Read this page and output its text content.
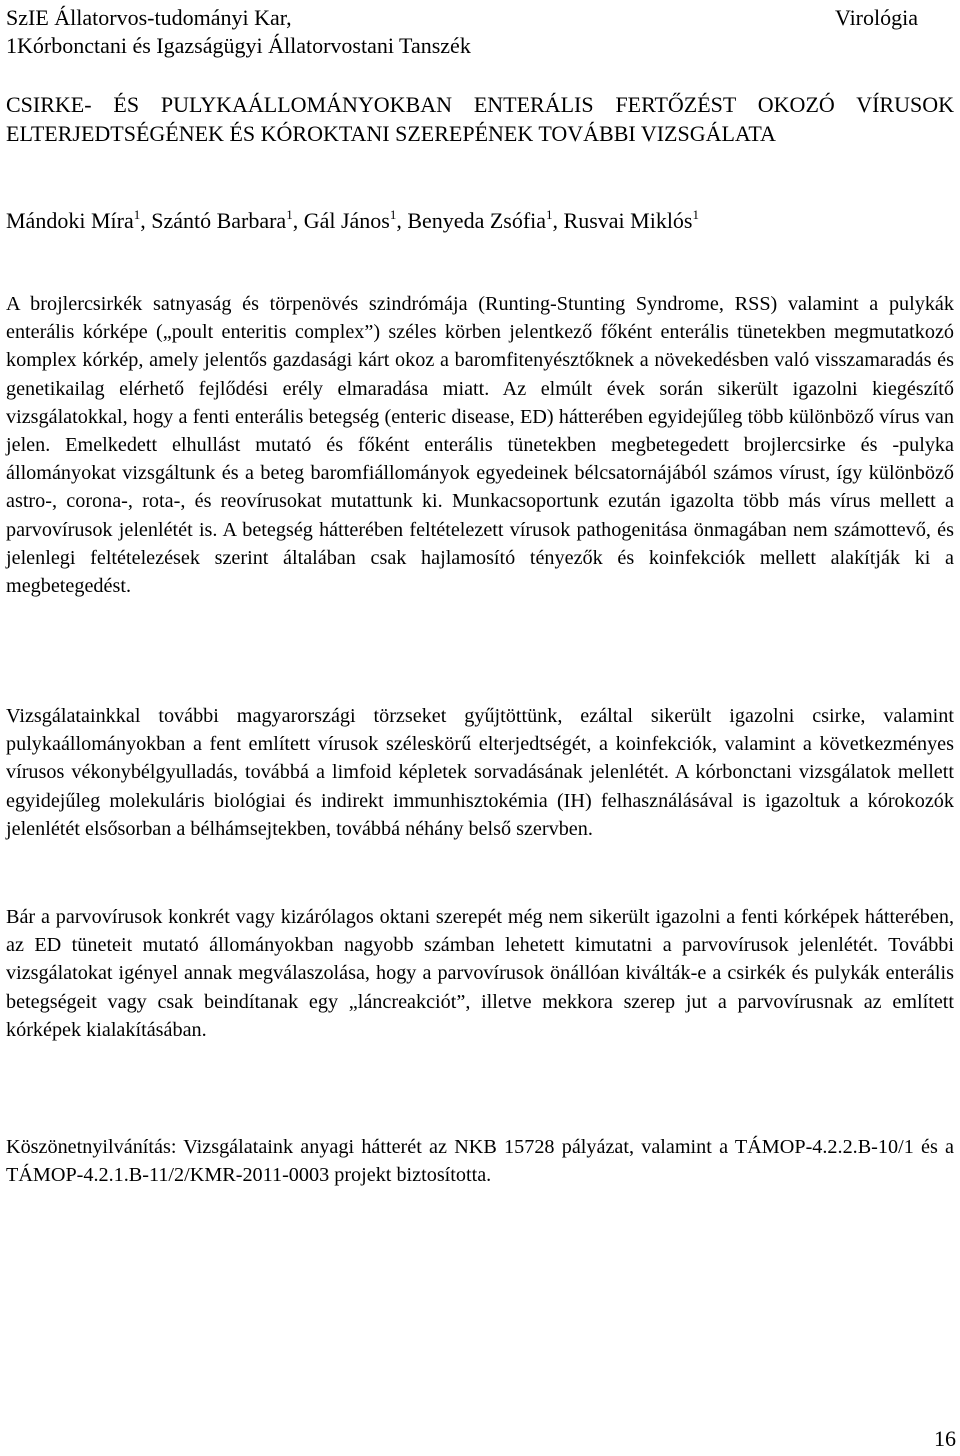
SzIE Állatorvos-tudományi Kar,
1Kórbonctani és Igazságügyi Állatorvostani Tanszék
Virológia
CSIRKE- ÉS PULYKAÁLLOMÁNYOKBAN ENTERÁLIS FERTŐZÉST OKOZÓ VÍRUSOK ELTERJEDTSÉGÉNEK ÉS KÓROKTANI SZEREPÉNEK TOVÁBBI VIZSGÁLATA
Mándoki Míra$^1$, Szántó Barbara$^1$, Gál János$^1$, Benyeda Zsófia$^1$, Rusvai Miklós$^1$

A brojlercsirkék satnyaság és törpenövés szindrómája (Runting-Stunting Syndrome, RSS) valamint a pulykák enterális kórképe („poult enteritis complex”) széles körben jelentkező főként enterális tünetekben megmutatkozó komplex kórkép, amely jelentős gazdasági kárt okoz a baromfitenyésztőknek a növekedésben való visszamaradás és genetikailag elérhető fejlődési erély elmaradása miatt. Az elmúlt évek során sikerült igazolni kiegészítő vizsgálatokkal, hogy a fenti enterális betegség (enteric disease, ED) hátterében egyidejűleg több különböző vírus van jelen. Emelkedett elhullást mutató és főként enterális tünetekben megbetegedett brojlercsirke és -pulyka állományokat vizsgáltunk és a beteg baromfiállományok egyedeinek bélcsatornájából számos vírust, így különböző astro-, corona-, rota-, és reovírusokat mutattunk ki. Munkacsoportunk ezután igazolta több más vírus mellett a parvovírusok jelenlétét is. A betegség hátterében feltételezett vírusok pathogenitása önmagában nem számottevő, és jelenlegi feltételezések szerint általában csak hajlamosító tényezők és koinfekciók mellett alakítják ki a megbetegedést.

Vizsgálatainkkal további magyarországi törzseket gyűjtöttünk, ezáltal sikerült igazolni csirke, valamint pulykaállományokban a fent említett vírusok széleskörű elterjedtségét, a koinfekciók, valamint a következményes vírusos vékonybélgyulladás, továbbá a limfoid képletek sorvadásának jelenlétét. A kórbonctani vizsgálatok mellett egyidejűleg molekuláris biológiai és indirekt immunhisztokémia (IH) felhasználásával is igazoltuk a kórokozók jelenlétét elsősorban a bélhámsejtekben, továbbá néhány belső szervben.

Bár a parvovírusok konkrét vagy kizárólagos oktani szerepét még nem sikerült igazolni a fenti kórképek hátterében, az ED tüneteit mutató állományokban nagyobb számban lehetett kimutatni a parvovírusok jelenlétét. További vizsgálatokat igényel annak megválaszolása, hogy a parvovírusok önállóan kiválták-e a csirkék és pulykák enterális betegségeit vagy csak beindítanak egy „láncreakciót”, illetve mekkora szerep jut a parvovírusnak az említett kórképek kialakításában.

Köszönetnyilvánítás: Vizsgálataink anyagi hátterét az NKB 15728 pályázat, valamint a TÁMOP-4.2.2.B-10/1 és a TÁMOP-4.2.1.B-11/2/KMR-2011-0003 projekt biztosította.

16
